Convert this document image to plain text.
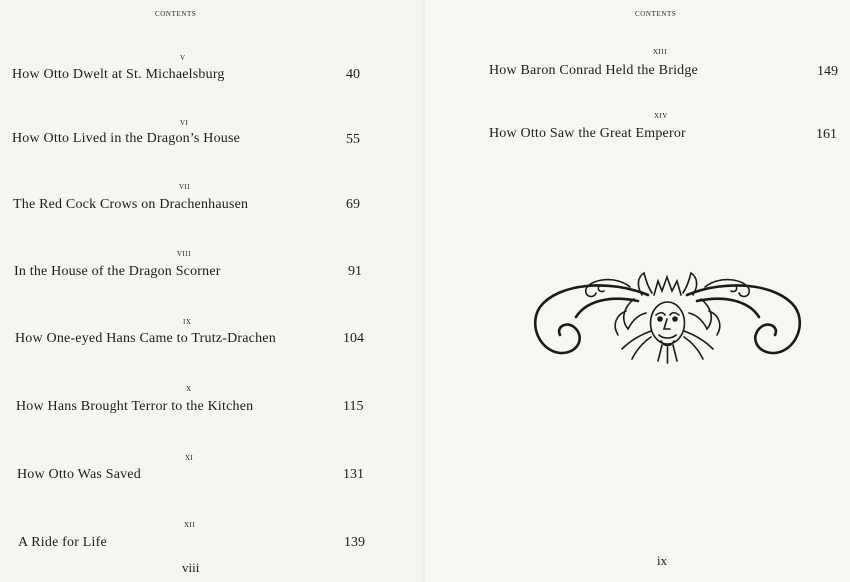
contents
v
How Otto Dwelt at St. Michaelsburg	40
vi
How Otto Lived in the Dragon’s House	55
vii
The Red Cock Crows on Drachenhausen	69
viii
In the House of the Dragon Scorner	91
ix
How One-eyed Hans Came to Trutz-Drachen	104
x
How Hans Brought Terror to the Kitchen	115
xi
How Otto Was Saved	131
xii
A Ride for Life	139
viii
contents
xiii
How Baron Conrad Held the Bridge	149
xiv
How Otto Saw the Great Emperor	161
ix
